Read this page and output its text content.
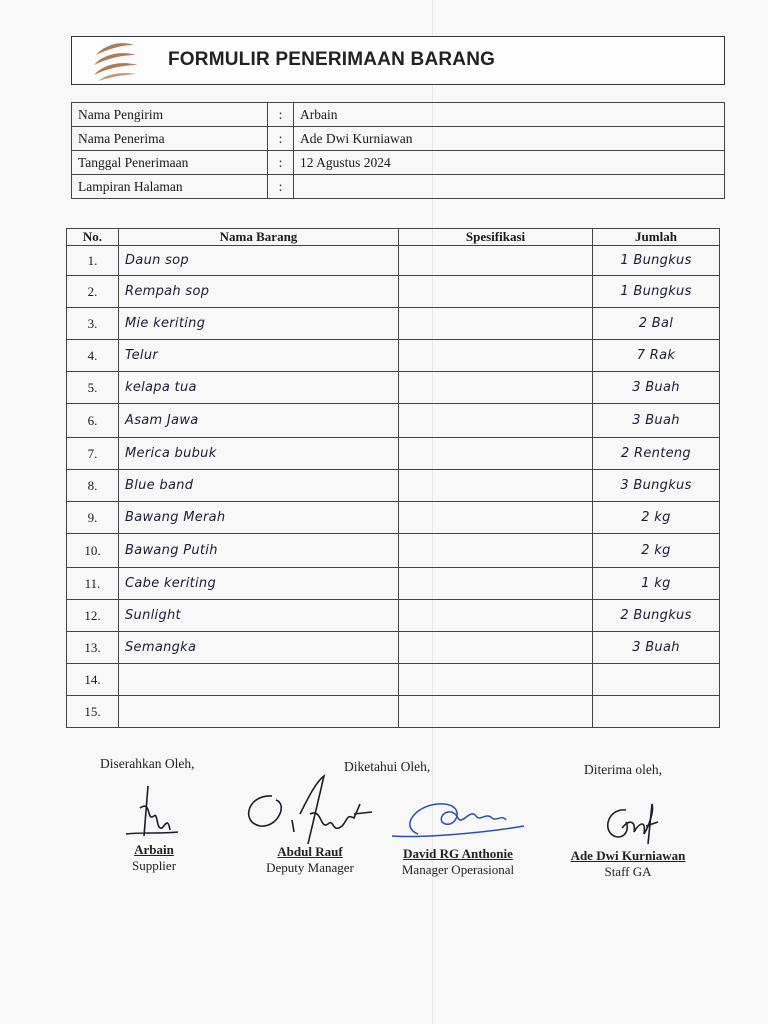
FORMULIR PENERIMAAN BARANG
Nama Pengirim	:	Arbain
Nama Penerima	:	Ade Dwi Kurniawan
Tanggal Penerimaan	:	12 Agustus 2024
Lampiran Halaman	:	
No.	Nama Barang	Spesifikasi	Jumlah
1.	Daun sop		1 Bungkus
2.	Rempah sop		1 Bungkus
3.	Mie keriting		2 Bal
4.	Telur		7 Rak
5.	kelapa tua		3 Buah
6.	Asam Jawa		3 Buah
7.	Merica bubuk		2 Renteng
8.	Blue band		3 Bungkus
9.	Bawang Merah		2 kg
10.	Bawang Putih		2 kg
11.	Cabe keriting		1 kg
12.	Sunlight		2 Bungkus
13.	Semangka		3 Buah
14.			
15.			
Diserahkan Oleh,	Diketahui Oleh,	Diterima oleh,
Arbain
Supplier
Abdul Rauf
Deputy Manager
David RG Anthonie
Manager Operasional
Ade Dwi Kurniawan
Staff GA
